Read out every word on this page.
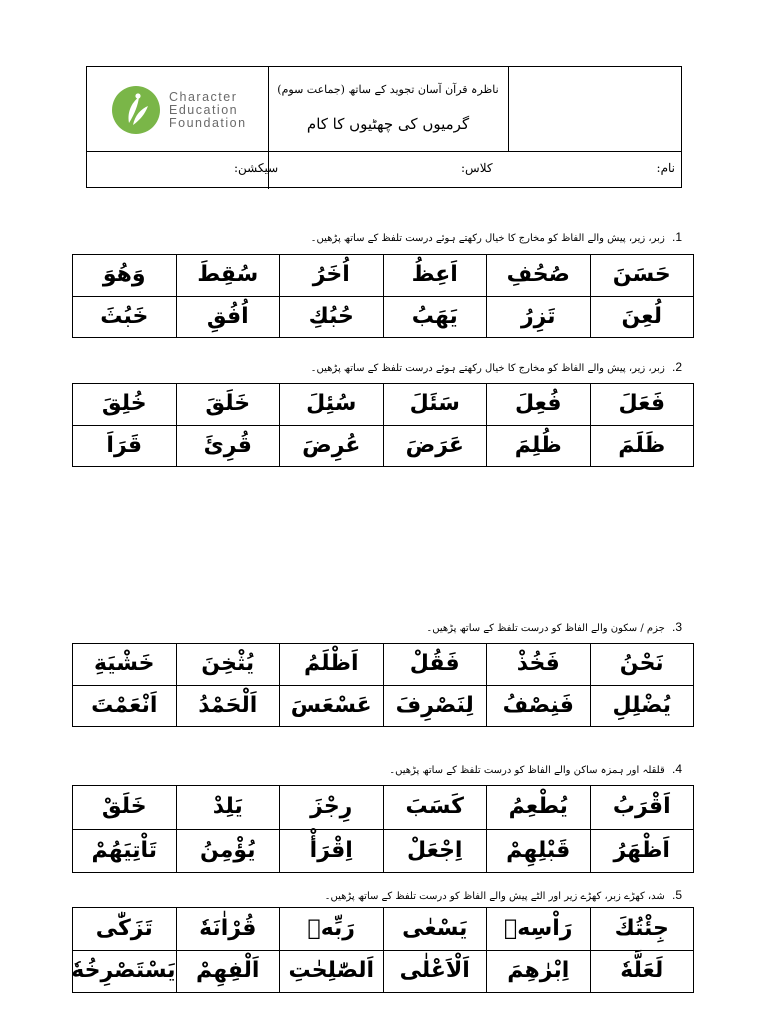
Character
Education
Foundation
ناظرہ قرآن آسان تجوید کے ساتھ (جماعت سوم)
گرمیوں کی چھٹیوں کا کام
نام:
کلاس:
سیکشن:
1. زبر، زیر، پیش والے الفاظ کو مخارج کا خیال رکھتے ہوئے درست تلفظ کے ساتھ پڑھیں۔
حَسَنَ	صُحُفِ	اَعِظُ	اُخَرُ	سُقِطَ	وَهُوَ
لُعِنَ	تَزِرُ	يَهَبُ	حُبُكِ	اُفُقِ	خَبُثَ
2. زبر، زیر، پیش والے الفاظ کو مخارج کا خیال رکھتے ہوئے درست تلفظ کے ساتھ پڑھیں۔
فَعَلَ	فُعِلَ	سَئَلَ	سُئِلَ	خَلَقَ	خُلِقَ
ظَلَمَ	ظُلِمَ	عَرَضَ	عُرِضَ	قُرِئَ	قَرَاَ
3. جزم / سکون والے الفاظ کو درست تلفظ کے ساتھ پڑھیں۔
نَحْنُ	فَخُذْ	فَقُلْ	اَظْلَمُ	يُثْخِنَ	خَشْيَةِ
يُضْلِلِ	فَنِصْفُ	لِنَصْرِفَ	عَسْعَسَ	اَلْحَمْدُ	اَنْعَمْتَ
4. قلقلہ اور ہمزہ ساکن والے الفاظ کو درست تلفظ کے ساتھ پڑھیں۔
اَقْرَبُ	يُطْعِمُ	كَسَبَ	رِجْزَ	يَلِدْ	خَلَقْ
اَظْهَرُ	قَبْلِهِمْ	اِجْعَلْ	اِقْرَأْ	يُؤْمِنُ	تَاْتِيَهُمْ
5. شد، کھڑے زبر، کھڑے زیر اور الٹے پیش والے الفاظ کو درست تلفظ کے ساتھ پڑھیں۔
جِئْتُكَ	رَاْسِهٖ	يَسْعٰى	رَبِّهٖ	قُرْاٰنَهٗ	تَزَكّٰى
لَعَلَّهٗ	اِبْرٰهِمَ	اَلْاَعْلٰى	اَلصّٰلِحٰتِ	اَلْفِهِمْ	يَسْتَصْرِخُهٗ
